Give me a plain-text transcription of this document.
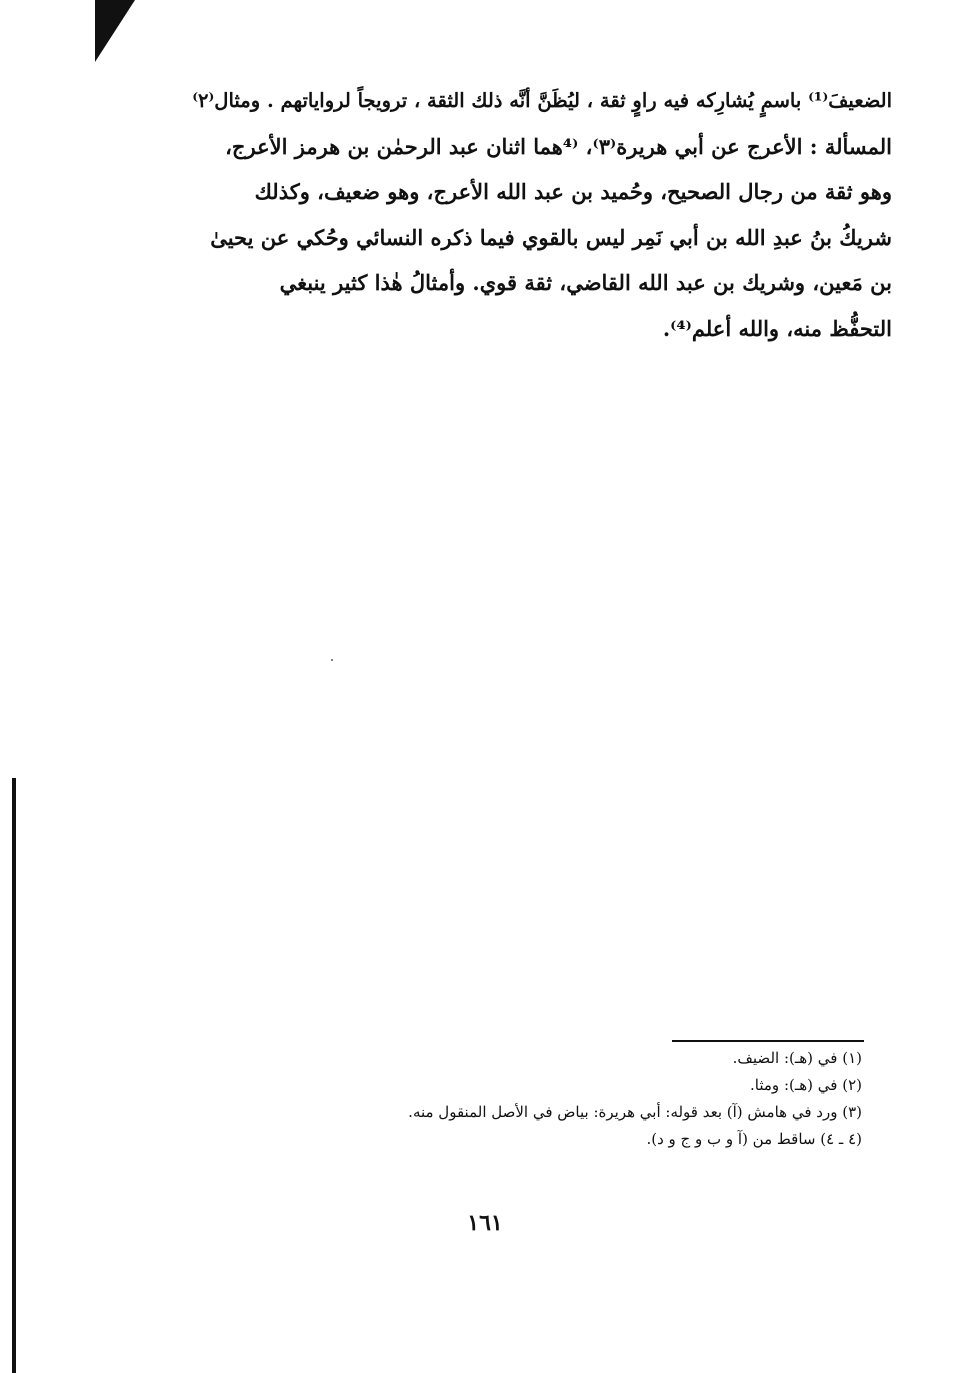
الضعيفَ⁽¹⁾ باسمٍ يُشارِكه فيه راوٍ ثقة ، ليُظَنَّ أنَّه ذلك الثقة ، ترويجاً لرواياتهم . ومثال⁽٢⁾
المسألة : الأعرج عن أبي هريرة⁽٣⁾، ⁽⁴هما اثنان عبد الرحمٰن بن هرمز الأعرج،
وهو ثقة من رجال الصحيح، وحُميد بن عبد الله الأعرج، وهو ضعيف، وكذلك
شريكُ بنُ عبدِ الله بن أبي نَمِر ليس بالقوي فيما ذكره النسائي وحُكي عن يحيىٰ
بن مَعين، وشريك بن عبد الله القاضي، ثقة قوي. وأمثالُ هٰذا كثير ينبغي
التحفُّظ منه، والله أعلم⁽⁴⁾.
(١) في (هـ): الضيف.
(٢) في (هـ): ومثا.
(٣) ورد في هامش (آ) بعد قوله: أبي هريرة: بياض في الأصل المنقول منه.
(٤ ـ ٤) ساقط من (آ و ب و ج و د).
١٦١
